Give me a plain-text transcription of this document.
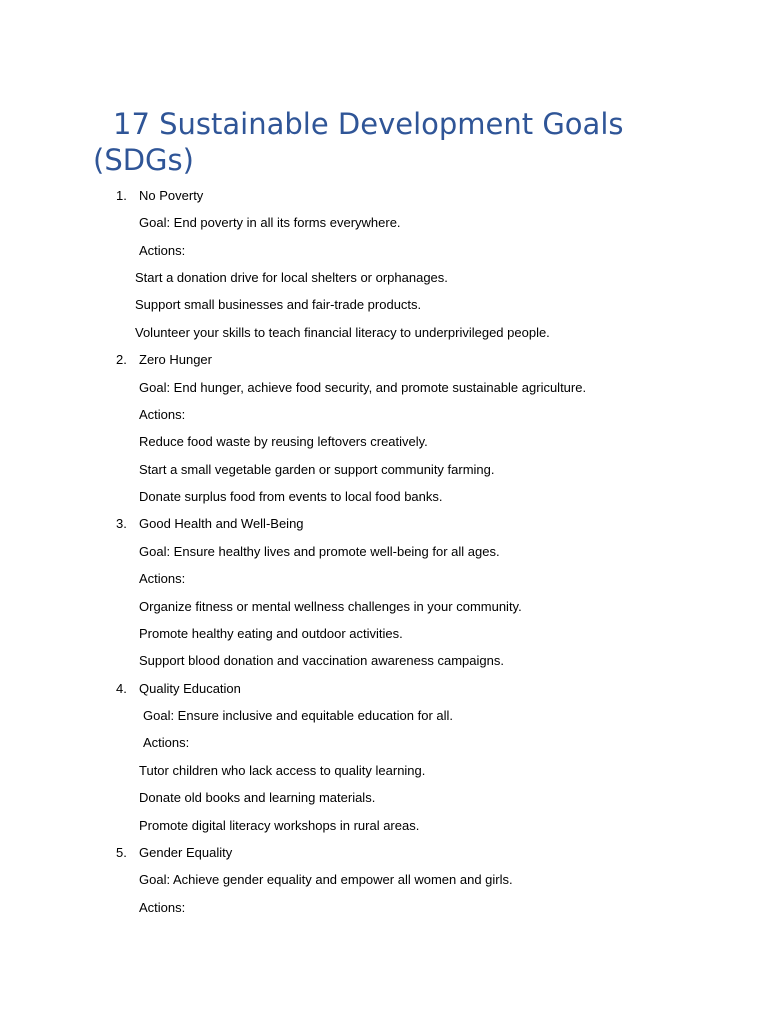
17 Sustainable Development Goals (SDGs)
1. No Poverty

Goal: End poverty in all its forms everywhere.

Actions:

Start a donation drive for local shelters or orphanages.

Support small businesses and fair-trade products.

Volunteer your skills to teach financial literacy to underprivileged people.

2. Zero Hunger

Goal: End hunger, achieve food security, and promote sustainable agriculture.

Actions:

Reduce food waste by reusing leftovers creatively.

Start a small vegetable garden or support community farming.

Donate surplus food from events to local food banks.

3. Good Health and Well-Being

Goal: Ensure healthy lives and promote well-being for all ages.

Actions:

Organize fitness or mental wellness challenges in your community.

Promote healthy eating and outdoor activities.

Support blood donation and vaccination awareness campaigns.

4. Quality Education

Goal: Ensure inclusive and equitable education for all.

Actions:

Tutor children who lack access to quality learning.

Donate old books and learning materials.

Promote digital literacy workshops in rural areas.

5. Gender Equality

Goal: Achieve gender equality and empower all women and girls.

Actions:
